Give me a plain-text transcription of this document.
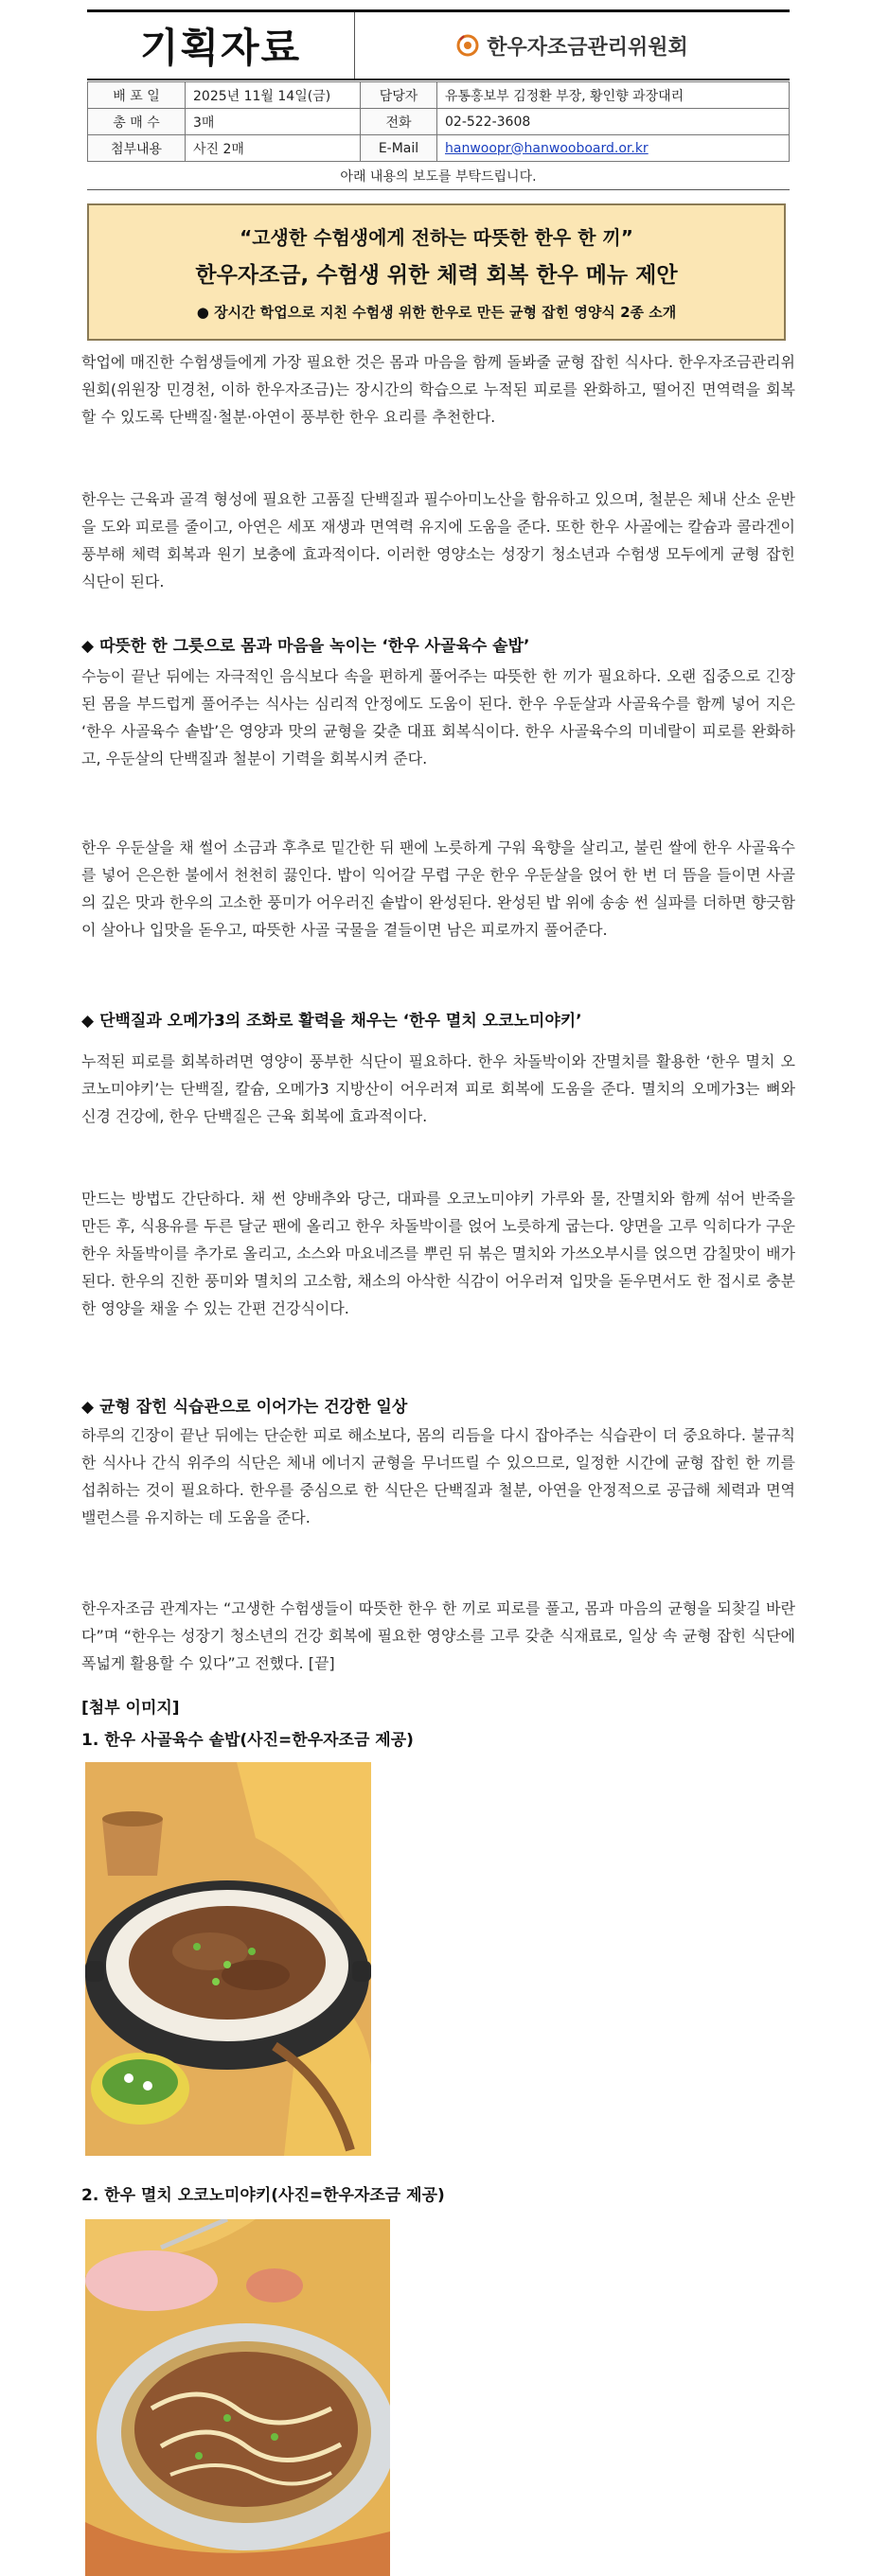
기획자료	한우자조금관리위원회
배 포 일	2025년 11월 14일(금)	담당자	유통홍보부 김정환 부장, 황인향 과장대리
총 매 수	3매	전화	02-522-3608
첨부내용	사진 2매	E-Mail	hanwoopr@hanwooboard.or.kr
아래 내용의 보도를 부탁드립니다.
“고생한 수험생에게 전하는 따뜻한 한우 한 끼”
한우자조금, 수험생 위한 체력 회복 한우 메뉴 제안
● 장시간 학업으로 지친 수험생 위한 한우로 만든 균형 잡힌 영양식 2종 소개

학업에 매진한 수험생들에게 가장 필요한 것은 몸과 마음을 함께 돌봐줄 균형 잡힌 식사다. 한우자조금관리위원회(위원장 민경천, 이하 한우자조금)는 장시간의 학습으로 누적된 피로를 완화하고, 떨어진 면역력을 회복할 수 있도록 단백질·철분·아연이 풍부한 한우 요리를 추천한다.

한우는 근육과 골격 형성에 필요한 고품질 단백질과 필수아미노산을 함유하고 있으며, 철분은 체내 산소 운반을 도와 피로를 줄이고, 아연은 세포 재생과 면역력 유지에 도움을 준다. 또한 한우 사골에는 칼슘과 콜라겐이 풍부해 체력 회복과 원기 보충에 효과적이다. 이러한 영양소는 성장기 청소년과 수험생 모두에게 균형 잡힌 식단이 된다.

◆ 따뜻한 한 그릇으로 몸과 마음을 녹이는 ‘한우 사골육수 솥밥’

수능이 끝난 뒤에는 자극적인 음식보다 속을 편하게 풀어주는 따뜻한 한 끼가 필요하다. 오랜 집중으로 긴장된 몸을 부드럽게 풀어주는 식사는 심리적 안정에도 도움이 된다. 한우 우둔살과 사골육수를 함께 넣어 지은 ‘한우 사골육수 솥밥’은 영양과 맛의 균형을 갖춘 대표 회복식이다. 한우 사골육수의 미네랄이 피로를 완화하고, 우둔살의 단백질과 철분이 기력을 회복시켜 준다.

한우 우둔살을 채 썰어 소금과 후추로 밑간한 뒤 팬에 노릇하게 구워 육향을 살리고, 불린 쌀에 한우 사골육수를 넣어 은은한 불에서 천천히 끓인다. 밥이 익어갈 무렵 구운 한우 우둔살을 얹어 한 번 더 뜸을 들이면 사골의 깊은 맛과 한우의 고소한 풍미가 어우러진 솥밥이 완성된다. 완성된 밥 위에 송송 썬 실파를 더하면 향긋함이 살아나 입맛을 돋우고, 따뜻한 사골 국물을 곁들이면 남은 피로까지 풀어준다.

◆ 단백질과 오메가3의 조화로 활력을 채우는 ‘한우 멸치 오코노미야키’

누적된 피로를 회복하려면 영양이 풍부한 식단이 필요하다. 한우 차돌박이와 잔멸치를 활용한 ‘한우 멸치 오코노미야키’는 단백질, 칼슘, 오메가3 지방산이 어우러져 피로 회복에 도움을 준다. 멸치의 오메가3는 뼈와 신경 건강에, 한우 단백질은 근육 회복에 효과적이다.

만드는 방법도 간단하다. 채 썬 양배추와 당근, 대파를 오코노미야키 가루와 물, 잔멸치와 함께 섞어 반죽을 만든 후, 식용유를 두른 달군 팬에 올리고 한우 차돌박이를 얹어 노릇하게 굽는다. 양면을 고루 익히다가 구운 한우 차돌박이를 추가로 올리고, 소스와 마요네즈를 뿌린 뒤 볶은 멸치와 가쓰오부시를 얹으면 감칠맛이 배가된다. 한우의 진한 풍미와 멸치의 고소함, 채소의 아삭한 식감이 어우러져 입맛을 돋우면서도 한 접시로 충분한 영양을 채울 수 있는 간편 건강식이다.

◆ 균형 잡힌 식습관으로 이어가는 건강한 일상

하루의 긴장이 끝난 뒤에는 단순한 피로 해소보다, 몸의 리듬을 다시 잡아주는 식습관이 더 중요하다. 불규칙한 식사나 간식 위주의 식단은 체내 에너지 균형을 무너뜨릴 수 있으므로, 일정한 시간에 균형 잡힌 한 끼를 섭취하는 것이 필요하다. 한우를 중심으로 한 식단은 단백질과 철분, 아연을 안정적으로 공급해 체력과 면역 밸런스를 유지하는 데 도움을 준다.

한우자조금 관계자는 “고생한 수험생들이 따뜻한 한우 한 끼로 피로를 풀고, 몸과 마음의 균형을 되찾길 바란다”며 “한우는 성장기 청소년의 건강 회복에 필요한 영양소를 고루 갖춘 식재료로, 일상 속 균형 잡힌 식단에 폭넓게 활용할 수 있다”고 전했다. [끝]

[첨부 이미지]

1. 한우 사골육수 솥밥(사진=한우자조금 제공)

2. 한우 멸치 오코노미야키(사진=한우자조금 제공)
